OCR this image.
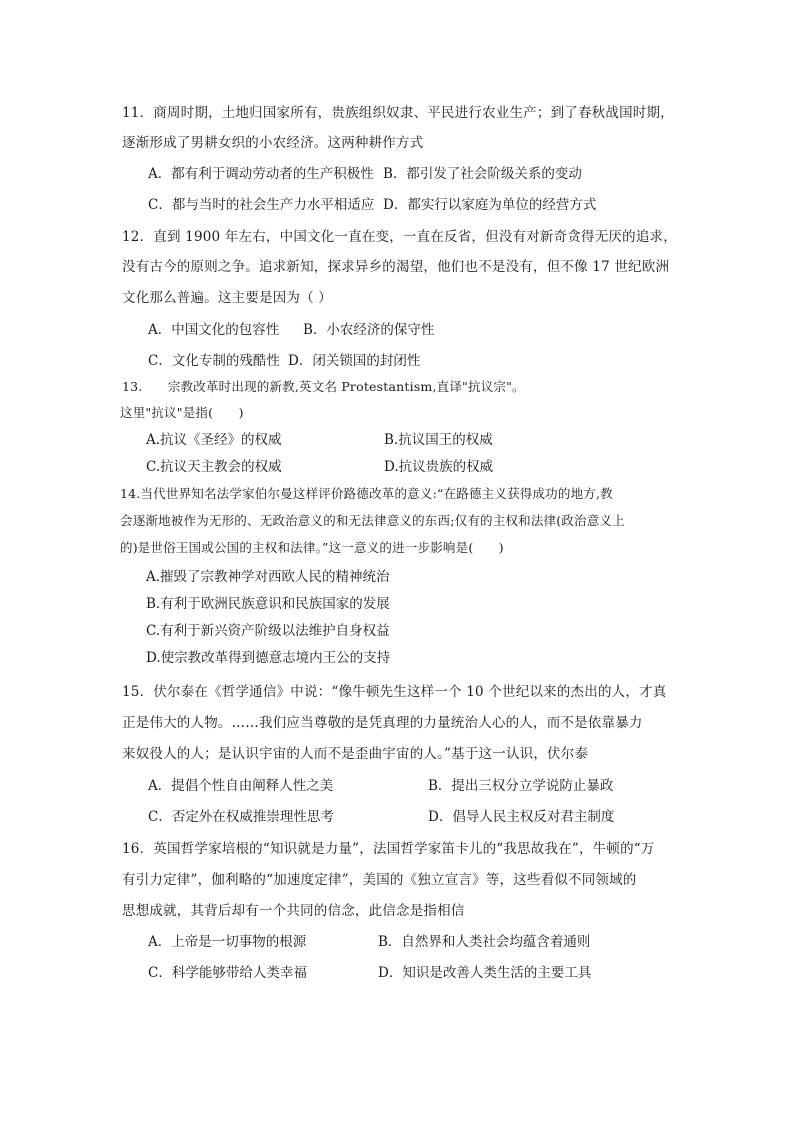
11．商周时期，土地归国家所有，贵族组织奴隶、平民进行农业生产；到了春秋战国时期，
逐渐形成了男耕女织的小农经济。这两种耕作方式
A．都有利于调动劳动者的生产积极性 B．都引发了社会阶级关系的变动
C．都与当时的社会生产力水平相适应 D．都实行以家庭为单位的经营方式
12．直到 1900 年左右，中国文化一直在变，一直在反省，但没有对新奇贪得无厌的追求，
没有古今的原则之争。追求新知，探求异乡的渴望，他们也不是没有，但不像 17 世纪欧洲
文化那么普遍。这主要是因为（ ）
A．中国文化的包容性 B．小农经济的保守性
C．文化专制的残酷性 D．闭关锁国的封闭性
13.　　宗教改革时出现的新教,英文名 Protestantism,直译"抗议宗"。
这里"抗议"是指(　　)
A.抗议《圣经》的权威	B.抗议国王的权威
C.抗议天主教会的权威	D.抗议贵族的权威
14.当代世界知名法学家伯尔曼这样评价路德改革的意义:“在路德主义获得成功的地方,教
会逐渐地被作为无形的、无政治意义的和无法律意义的东西;仅有的主权和法律(政治意义上
的)是世俗王国或公国的主权和法律。”这一意义的进一步影响是(　　)
A.摧毁了宗教神学对西欧人民的精神统治
B.有利于欧洲民族意识和民族国家的发展
C.有利于新兴资产阶级以法维护自身权益
D.使宗教改革得到德意志境内王公的支持
15．伏尔泰在《哲学通信》中说：“像牛顿先生这样一个 10 个世纪以来的杰出的人，才真
正是伟大的人物。……我们应当尊敬的是凭真理的力量统治人心的人，而不是依靠暴力
来奴役人的人；是认识宇宙的人而不是歪曲宇宙的人。”基于这一认识，伏尔泰
A．提倡个性自由阐释人性之美	B．提出三权分立学说防止暴政
C．否定外在权威推崇理性思考	D．倡导人民主权反对君主制度
16．英国哲学家培根的“知识就是力量”，法国哲学家笛卡儿的“我思故我在”，牛顿的“万
有引力定律”，伽利略的“加速度定律”，美国的《独立宣言》等，这些看似不同领域的
思想成就，其背后却有一个共同的信念，此信念是指相信
A．上帝是一切事物的根源	B．自然界和人类社会均蕴含着通则
C．科学能够带给人类幸福	D．知识是改善人类生活的主要工具
